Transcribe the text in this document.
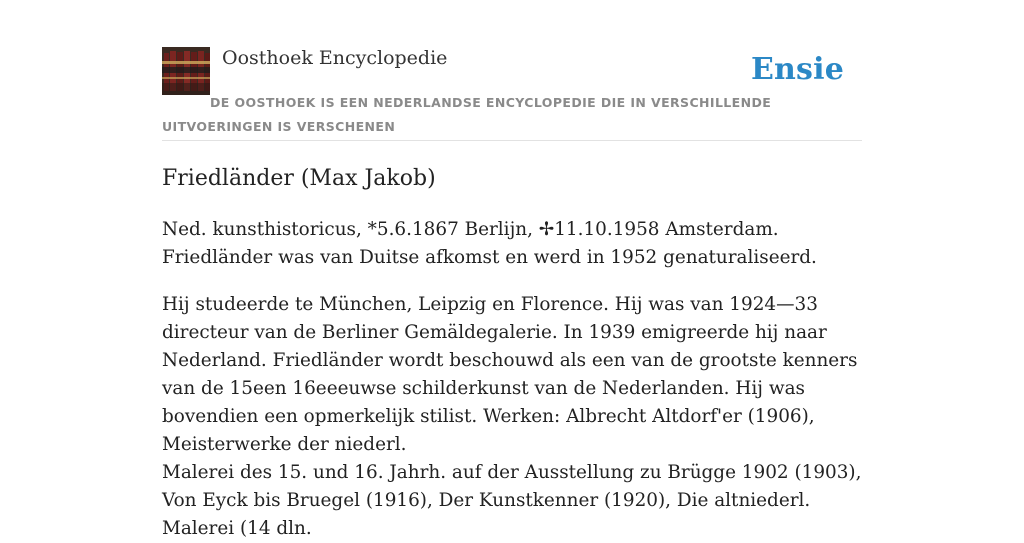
Oosthoek Encyclopedie	Ensie
DE OOSTHOEK IS EEN NEDERLANDSE ENCYCLOPEDIE DIE IN VERSCHILLENDE UITVOERINGEN IS VERSCHENEN
Friedländer (Max Jakob)

Ned. kunsthistoricus, *5.6.1867 Berlijn, ✢11.10.1958 Amsterdam. Friedländer was van Duitse afkomst en werd in 1952 genaturaliseerd.

Hij studeerde te München, Leipzig en Florence. Hij was van 1924—33 directeur van de Berliner Gemäldegalerie. In 1939 emigreerde hij naar Nederland. Friedländer wordt beschouwd als een van de grootste kenners van de 15een 16eeeuwse schilderkunst van de Nederlanden. Hij was bovendien een opmerkelijk stilist. Werken: Albrecht Altdorf'er (1906), Meisterwerke der niederl.

Malerei des 15. und 16. Jahrh. auf der Ausstellung zu Brügge 1902 (1903), Von Eyck bis Bruegel (1916), Der Kunstkenner (1920), Die altniederl. Malerei (14 dln.
